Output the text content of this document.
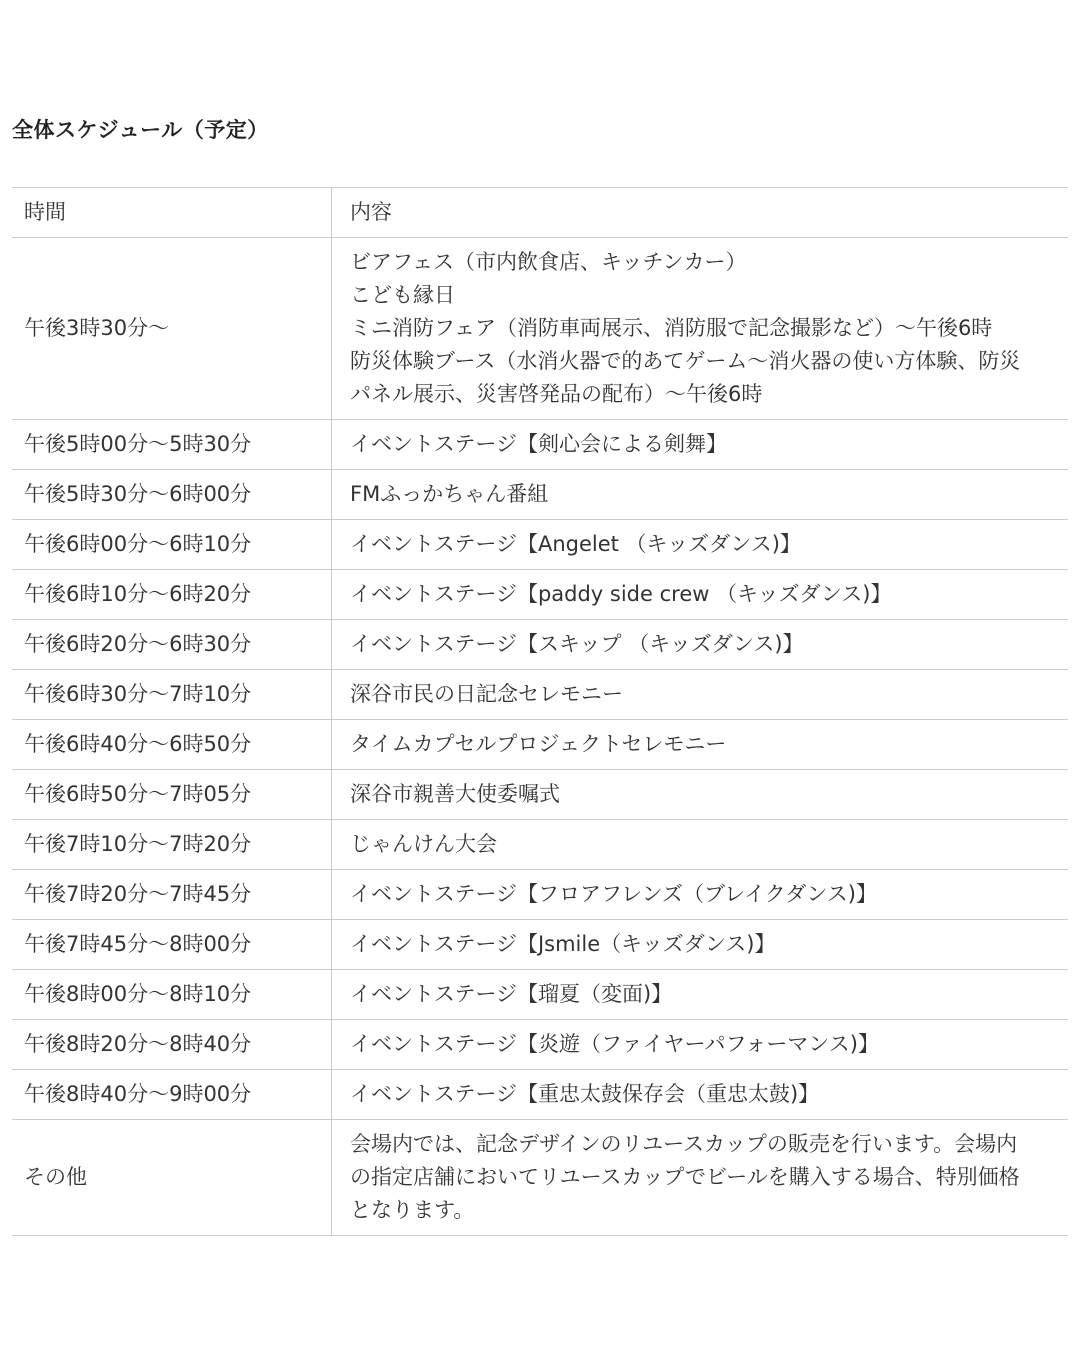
全体スケジュール（予定）
時間	内容
午後3時30分～	ビアフェス（市内飲食店、キッチンカー）
こども縁日
ミニ消防フェア（消防車両展示、消防服で記念撮影など）～午後6時
防災体験ブース（水消火器で的あてゲーム～消火器の使い方体験、防災
パネル展示、災害啓発品の配布）～午後6時

午後5時00分～5時30分	イベントステージ【剣心会による剣舞】

午後5時30分～6時00分	FMふっかちゃん番組

午後6時00分～6時10分	イベントステージ【Angelet （キッズダンス)】

午後6時10分～6時20分	イベントステージ【paddy side crew （キッズダンス)】

午後6時20分～6時30分	イベントステージ【スキップ （キッズダンス)】

午後6時30分～7時10分	深谷市民の日記念セレモニー

午後6時40分～6時50分	タイムカプセルプロジェクトセレモニー

午後6時50分～7時05分	深谷市親善大使委嘱式

午後7時10分～7時20分	じゃんけん大会

午後7時20分～7時45分	イベントステージ【フロアフレンズ（ブレイクダンス)】

午後7時45分～8時00分	イベントステージ【Jsmile（キッズダンス)】

午後8時00分～8時10分	イベントステージ【瑠夏（変面)】

午後8時20分～8時40分	イベントステージ【炎遊（ファイヤーパフォーマンス)】

午後8時40分～9時00分	イベントステージ【重忠太鼓保存会（重忠太鼓)】

その他	会場内では、記念デザインのリユースカップの販売を行います。会場内
の指定店舗においてリユースカップでビールを購入する場合、特別価格
となります。
